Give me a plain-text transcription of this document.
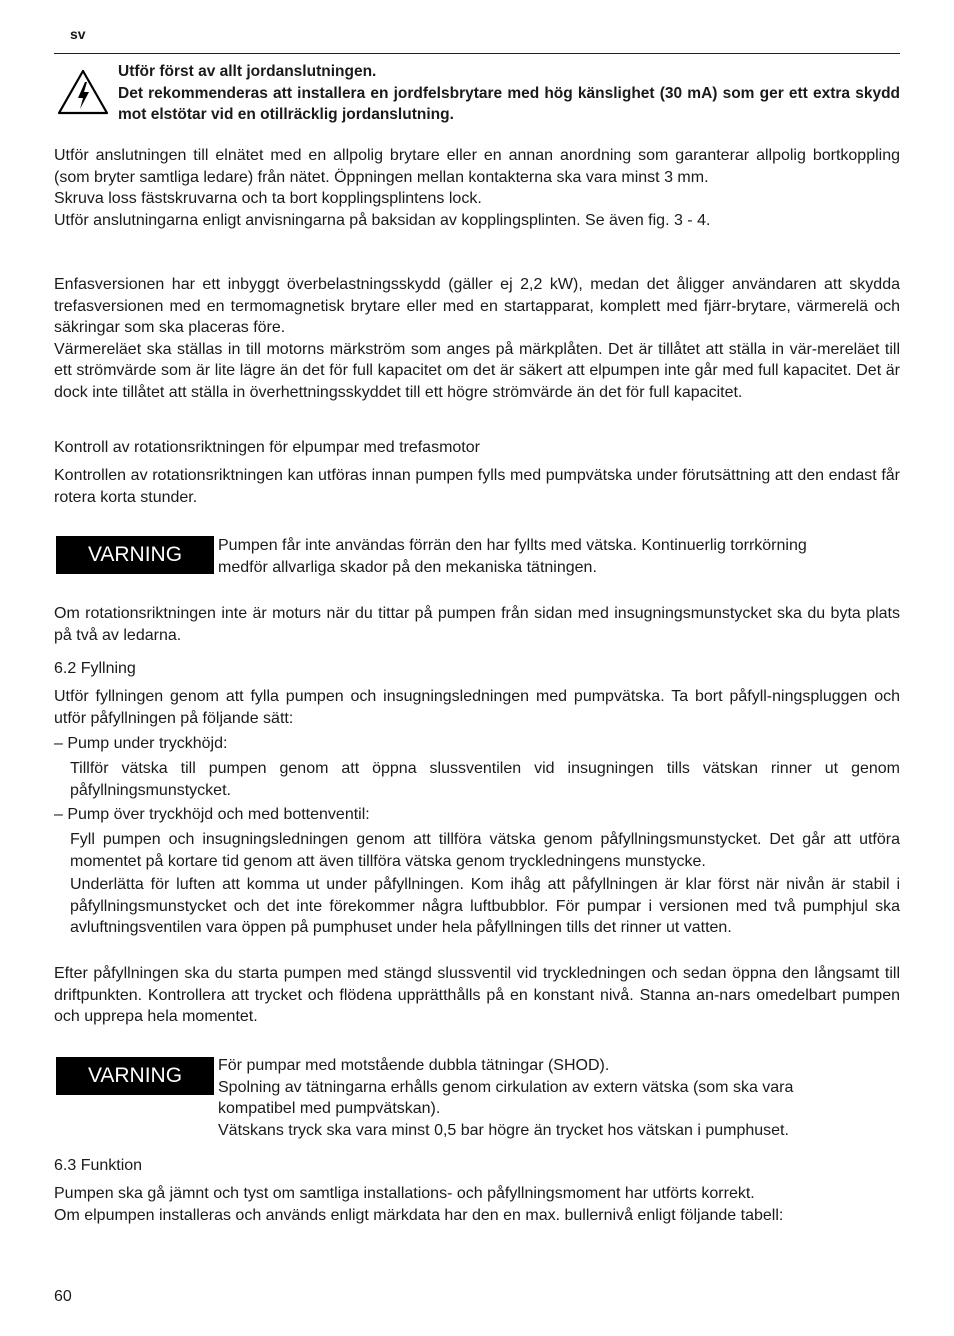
sv
Utför först av allt jordanslutningen.
Det rekommenderas att installera en jordfelsbrytare med hög känslighet (30 mA) som ger ett extra skydd mot elstötar vid en otillräcklig jordanslutning.
Utför anslutningen till elnätet med en allpolig brytare eller en annan anordning som garanterar allpolig bortkoppling (som bryter samtliga ledare) från nätet. Öppningen mellan kontakterna ska vara minst 3 mm.
Skruva loss fästskruvarna och ta bort kopplingsplintens lock.
Utför anslutningarna enligt anvisningarna på baksidan av kopplingsplinten. Se även fig. 3 - 4.
Enfasversionen har ett inbyggt överbelastningsskydd (gäller ej 2,2 kW), medan det åligger användaren att skydda trefasversionen med en termomagnetisk brytare eller med en startapparat, komplett med fjärr-brytare, värmerelä och säkringar som ska placeras före.
Värmereläet ska ställas in till motorns märkström som anges på märkplåten. Det är tillåtet att ställa in vär-mereläet till ett strömvärde som är lite lägre än det för full kapacitet om det är säkert att elpumpen inte går med full kapacitet. Det är dock inte tillåtet att ställa in överhettningsskyddet till ett högre strömvärde än det för full kapacitet.
Kontroll av rotationsriktningen för elpumpar med trefasmotor
Kontrollen av rotationsriktningen kan utföras innan pumpen fylls med pumpvätska under förutsättning att den endast får rotera korta stunder.
VARNING	Pumpen får inte användas förrän den har fyllts med vätska. Kontinuerlig torrkörning
medför allvarliga skador på den mekaniska tätningen.
Om rotationsriktningen inte är moturs när du tittar på pumpen från sidan med insugningsmunstycket ska du byta plats på två av ledarna.
6.2 Fyllning
Utför fyllningen genom att fylla pumpen och insugningsledningen med pumpvätska. Ta bort påfyll-ningspluggen och utför påfyllningen på följande sätt:
– Pump under tryckhöjd:
Tillför vätska till pumpen genom att öppna slussventilen vid insugningen tills vätskan rinner ut genom påfyllningsmunstycket.
– Pump över tryckhöjd och med bottenventil:
Fyll pumpen och insugningsledningen genom att tillföra vätska genom påfyllningsmunstycket. Det går att utföra momentet på kortare tid genom att även tillföra vätska genom tryckledningens munstycke.
Underlätta för luften att komma ut under påfyllningen. Kom ihåg att påfyllningen är klar först när nivån är stabil i påfyllningsmunstycket och det inte förekommer några luftbubblor. För pumpar i versionen med två pumphjul ska avluftningsventilen vara öppen på pumphuset under hela påfyllningen tills det rinner ut vatten.
Efter påfyllningen ska du starta pumpen med stängd slussventil vid tryckledningen och sedan öppna den långsamt till driftpunkten. Kontrollera att trycket och flödena upprätthålls på en konstant nivå. Stanna an-nars omedelbart pumpen och upprepa hela momentet.
VARNING	För pumpar med motstående dubbla tätningar (SHOD).
Spolning av tätningarna erhålls genom cirkulation av extern vätska (som ska vara
kompatibel med pumpvätskan).
Vätskans tryck ska vara minst 0,5 bar högre än trycket hos vätskan i pumphuset.
6.3 Funktion
Pumpen ska gå jämnt och tyst om samtliga installations- och påfyllningsmoment har utförts korrekt.
Om elpumpen installeras och används enligt märkdata har den en max. bullernivå enligt följande tabell:
60
